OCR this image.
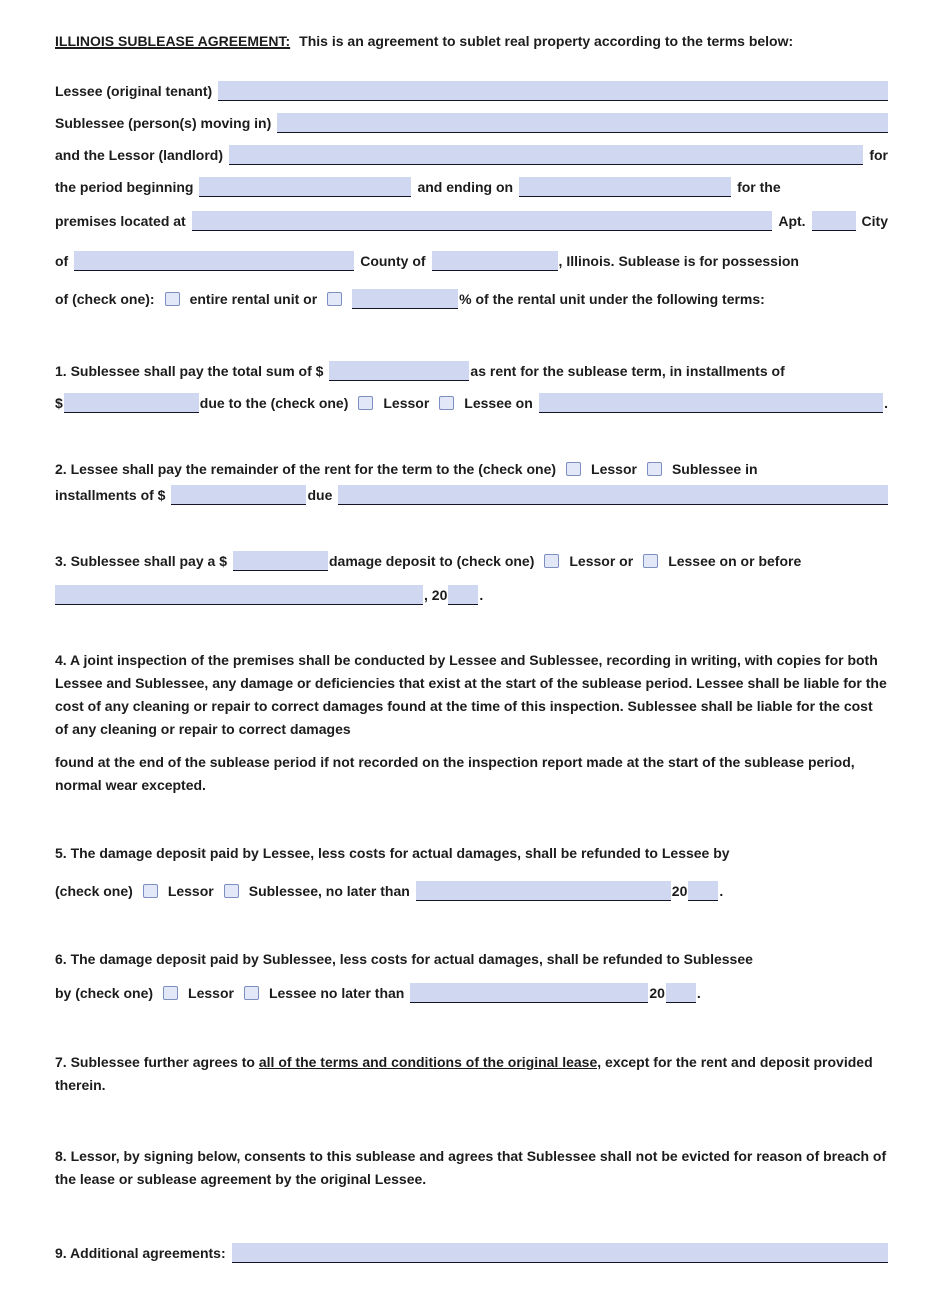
ILLINOIS SUBLEASE AGREEMENT: This is an agreement to sublet real property according to the terms below:

Lessee (original tenant)
Sublessee (person(s) moving in)
and the Lessor (landlord)	for
the period beginning	and ending on	for the
premises located at	Apt.	City
of	County of	, Illinois. Sublease is for possession
of (check one):	entire rental unit or	% of the rental unit under the following terms:
1. Sublessee shall pay the total sum of $	as rent for the sublease term, in installments of
$	due to the (check one)	Lessor	Lessee on	.
2. Lessee shall pay the remainder of the rent for the term to the (check one)	Lessor	Sublessee in
installments of $	due
3. Sublessee shall pay a $	damage deposit to (check one)	Lessor or	Lessee on or before
, 20 .

4. A joint inspection of the premises shall be conducted by Lessee and Sublessee, recording in writing, with copies for both Lessee and Sublessee, any damage or deficiencies that exist at the start of the sublease period. Lessee shall be liable for the cost of any cleaning or repair to correct damages found at the time of this inspection. Sublessee shall be liable for the cost of any cleaning or repair to correct damages

found at the end of the sublease period if not recorded on the inspection report made at the start of the sublease period, normal wear excepted.

5. The damage deposit paid by Lessee, less costs for actual damages, shall be refunded to Lessee by
(check one)	Lessor	Sublessee, no later than	20 .
6. The damage deposit paid by Sublessee, less costs for actual damages, shall be refunded to Sublessee
by (check one)	Lessor	Lessee no later than	20 .

7. Sublessee further agrees to all of the terms and conditions of the original lease, except for the rent and deposit provided therein.

8. Lessor, by signing below, consents to this sublease and agrees that Sublessee shall not be evicted for reason of breach of the lease or sublease agreement by the original Lessee.

9. Additional agreements:
